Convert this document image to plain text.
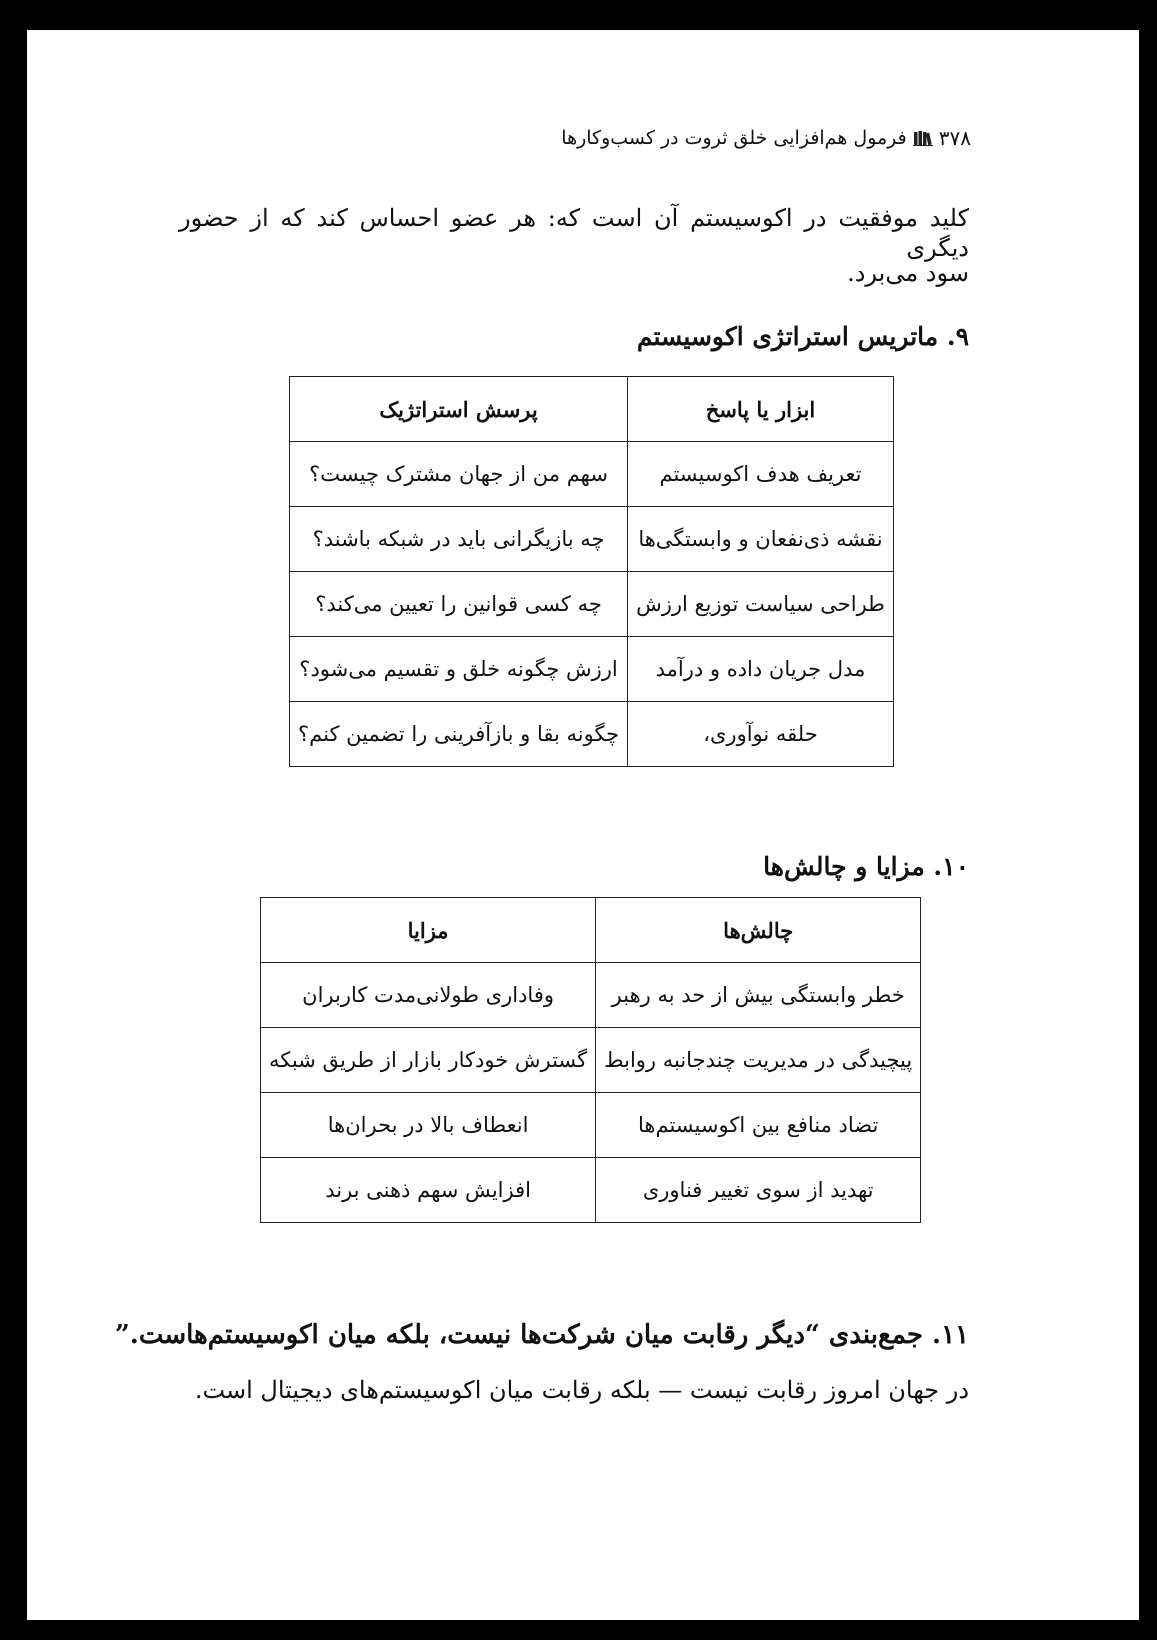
۳۷۸
فرمول هم‌افزایی خلق ثروت در کسب‌وکارها
کلید موفقیت در اکوسیستم آن است که: هر عضو احساس کند که از حضور دیگری
سود می‌برد.
۹. ماتریس استراتژی اکوسیستم
ابزار یا پاسخ	پرسش استراتژیک
تعریف هدف اکوسیستم	سهم من از جهان مشترک چیست؟
نقشه ذی‌نفعان و وابستگی‌ها	چه بازیگرانی باید در شبکه باشند؟
طراحی سیاست توزیع ارزش	چه کسی قوانین را تعیین می‌کند؟
مدل جریان داده و درآمد	ارزش چگونه خلق و تقسیم می‌شود؟
حلقه نوآوری،	چگونه بقا و بازآفرینی را تضمین کنم؟
۱۰. مزایا و چالش‌ها
چالش‌ها	مزایا
خطر وابستگی بیش از حد به رهبر	وفاداری طولانی‌مدت کاربران
پیچیدگی در مدیریت چندجانبه روابط	گسترش خودکار بازار از طریق شبکه
تضاد منافع بین اکوسیستم‌ها	انعطاف بالا در بحران‌ها
تهدید از سوی تغییر فناوری	افزایش سهم ذهنی برند
۱۱. جمع‌بندی “دیگر رقابت میان شرکت‌ها نیست، بلکه میان اکوسیستم‌هاست.”
در جهان امروز رقابت نیست — بلکه رقابت میان اکوسیستم‌های دیجیتال است.
